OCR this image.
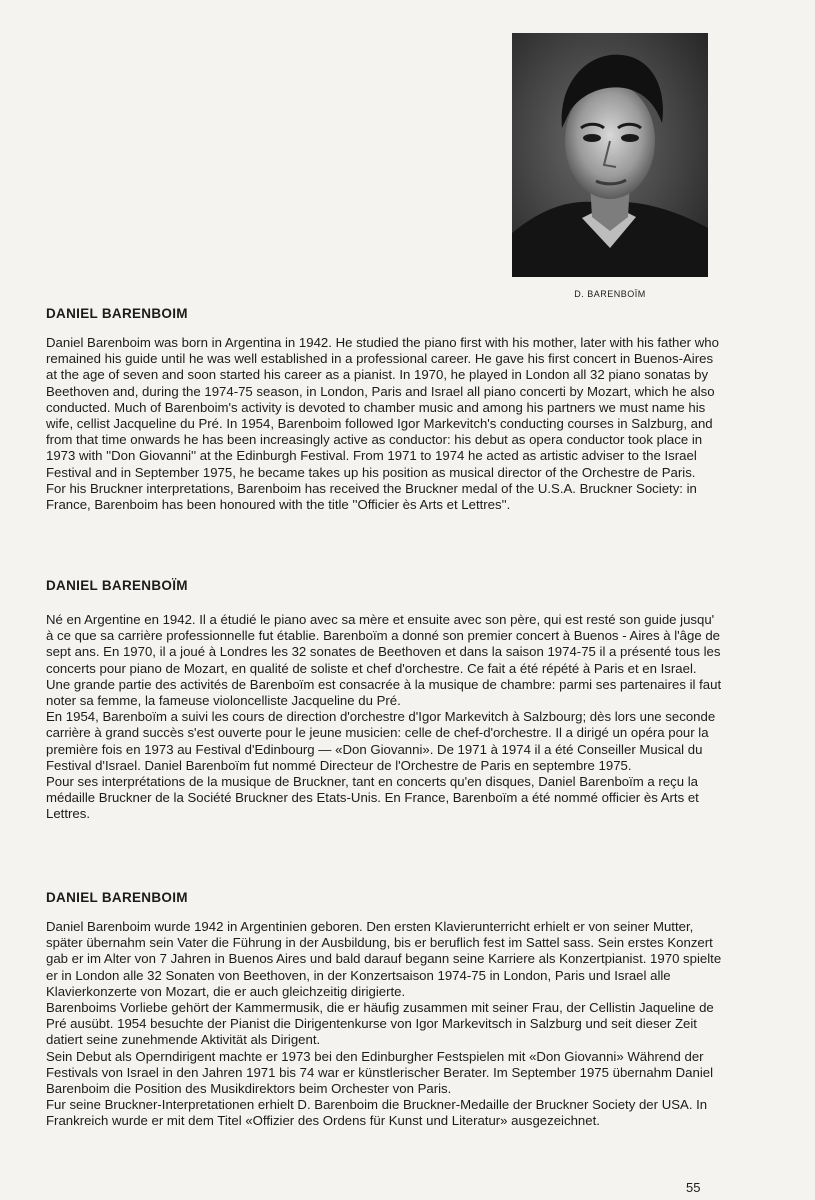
D. BARENBOÏM
DANIEL BARENBOIM

Daniel Barenboim was born in Argentina in 1942. He studied the piano first with his mother, later with his father who remained his guide until he was well established in a professional career. He gave his first concert in Buenos-Aires at the age of seven and soon started his career as a pianist. In 1970, he played in London all 32 piano sonatas by Beethoven and, during the 1974-75 season, in London, Paris and Israel all piano concerti by Mozart, which he also conducted. Much of Barenboim's activity is devoted to chamber music and among his partners we must name his wife, cellist Jacqueline du Pré. In 1954, Barenboim followed Igor Markevitch's conducting courses in Salzburg, and from that time onwards he has been increasingly active as conductor: his debut as opera conductor took place in 1973 with ''Don Giovanni'' at the Edinburgh Festival. From 1971 to 1974 he acted as artistic adviser to the Israel Festival and in September 1975, he became takes up his position as musical director of the Orchestre de Paris.

For his Bruckner interpretations, Barenboim has received the Bruckner medal of the U.S.A. Bruckner Society: in France, Barenboim has been honoured with the title ''Officier ès Arts et Lettres''.

DANIEL BARENBOÏM

Né en Argentine en 1942. Il a étudié le piano avec sa mère et ensuite avec son père, qui est resté son guide jusqu' à ce que sa carrière professionnelle fut établie. Barenboïm a donné son premier concert à Buenos - Aires à l'âge de sept ans. En 1970, il a joué à Londres les 32 sonates de Beethoven et dans la saison 1974-75 il a présenté tous les concerts pour piano de Mozart, en qualité de soliste et chef d'orchestre. Ce fait a été répété à Paris et en Israel.

Une grande partie des activités de Barenboïm est consacrée à la musique de chambre: parmi ses partenaires il faut noter sa femme, la fameuse violoncelliste Jacqueline du Pré.

En 1954, Barenboïm a suivi les cours de direction d'orchestre d'Igor Markevitch à Salzbourg; dès lors une seconde carrière à grand succès s'est ouverte pour le jeune musicien: celle de chef-d'orchestre. Il a dirigé un opéra pour la première fois en 1973 au Festival d'Edinbourg — «Don Giovanni». De 1971 à 1974 il a été Conseiller Musical du Festival d'Israel. Daniel Barenboïm fut nommé Directeur de l'Orchestre de Paris en septembre 1975.

Pour ses interprétations de la musique de Bruckner, tant en concerts qu'en disques, Daniel Barenboïm a reçu la médaille Bruckner de la Société Bruckner des Etats-Unis. En France, Barenboïm a été nommé officier ès Arts et Lettres.

DANIEL BARENBOIM

Daniel Barenboim wurde 1942 in Argentinien geboren. Den ersten Klavierunterricht erhielt er von seiner Mutter, später übernahm sein Vater die Führung in der Ausbildung, bis er beruflich fest im Sattel sass. Sein erstes Konzert gab er im Alter von 7 Jahren in Buenos Aires und bald darauf begann seine Karriere als Konzertpianist. 1970 spielte er in London alle 32 Sonaten von Beethoven, in der Konzertsaison 1974-75 in London, Paris und Israel alle Klavierkonzerte von Mozart, die er auch gleichzeitig dirigierte.

Barenboims Vorliebe gehört der Kammermusik, die er häufig zusammen mit seiner Frau, der Cellistin Jaqueline de Pré ausübt. 1954 besuchte der Pianist die Dirigentenkurse von Igor Markevitsch in Salzburg und seit dieser Zeit datiert seine zunehmende Aktivität als Dirigent.

Sein Debut als Operndirigent machte er 1973 bei den Edinburgher Festspielen mit «Don Giovanni» Während der Festivals von Israel in den Jahren 1971 bis 74 war er künstlerischer Berater. Im September 1975 übernahm Daniel Barenboim die Position des Musikdirektors beim Orchester von Paris.

Fur seine Bruckner-Interpretationen erhielt D. Barenboim die Bruckner-Medaille der Bruckner Society der USA. In Frankreich wurde er mit dem Titel «Offizier des Ordens für Kunst und Literatur» ausgezeichnet.

55
